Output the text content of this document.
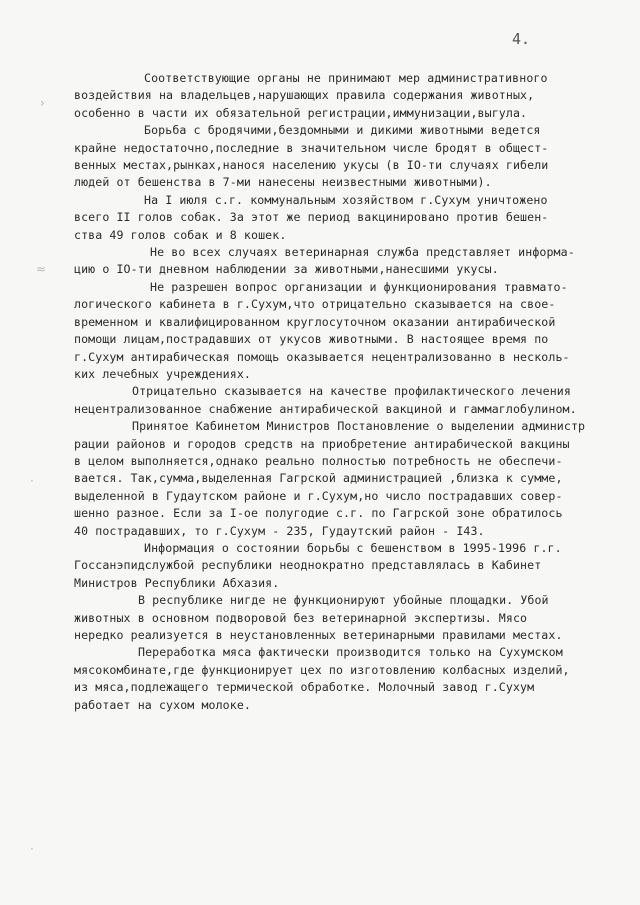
4.
›
≈
·
·
Соответствующие органы не принимают мер административного
воздействия на владельцев,нарушающих правила содержания животных,
особенно в части их обязательной регистрации,иммунизации,выгула.
Борьба с бродячими,бездомными и дикими животными ведется
крайне недостаточно,последние в значительном числе бродят в общест-
венных местах,рынках,нанося населению укусы (в IO-ти случаях гибели
людей от бешенства в 7-ми нанесены неизвестными животными).
На I июля с.г. коммунальным хозяйством г.Сухум уничтожено
всего II голов собак. За этот же период вакцинировано против бешен-
ства 49 голов собак и 8 кошек.
Не во всех случаях ветеринарная служба представляет информа-
цию о IO-ти дневном наблюдении за животными,нанесшими укусы.
Не разрешен вопрос организации и функционирования травмато-
логического кабинета в г.Сухум,что отрицательно сказывается на свое-
временном и квалифицированном круглосуточном оказании антирабической
помощи лицам,пострадавших от укусов животными. В настоящее время по
г.Сухум антирабическая помощь оказывается нецентрализованно в несколь-
ких лечебных учреждениях.
Отрицательно сказывается на качестве профилактического лечения
нецентрализованное снабжение антирабической вакциной и гаммаглобулином.
Принятое Кабинетом Министров Постановление о выделении администр
рации районов и городов средств на приобретение антирабической вакцины
в целом выполняется,однако реально полностью потребность не обеспечи-
вается. Так,сумма,выделенная Гагрской администрацией ,близка к сумме,
выделенной в Гудаутском районе и г.Сухум,но число пострадавших совер-
шенно разное. Если за I-ое полугодие с.г. по Гагрской зоне обратилось
40 пострадавших, то г.Сухум - 235, Гудаутский район - I43.
Информация о состоянии борьбы с бешенством в 1995-1996 г.г.
Госсанэпидслужбой республики неоднократно представлялась в Кабинет
Министров Республики Абхазия.
В республике нигде не функционируют убойные площадки. Убой
животных в основном подворовой без ветеринарной экспертизы. Мясо
нередко реализуется в неустановленных ветеринарными правилами местах.
Переработка мяса фактически производится только на Сухумском
мясокомбинате,где функционирует цех по изготовлению колбасных изделий,
из мяса,подлежащего термической обработке. Молочный завод г.Сухум
работает на сухом молоке.
